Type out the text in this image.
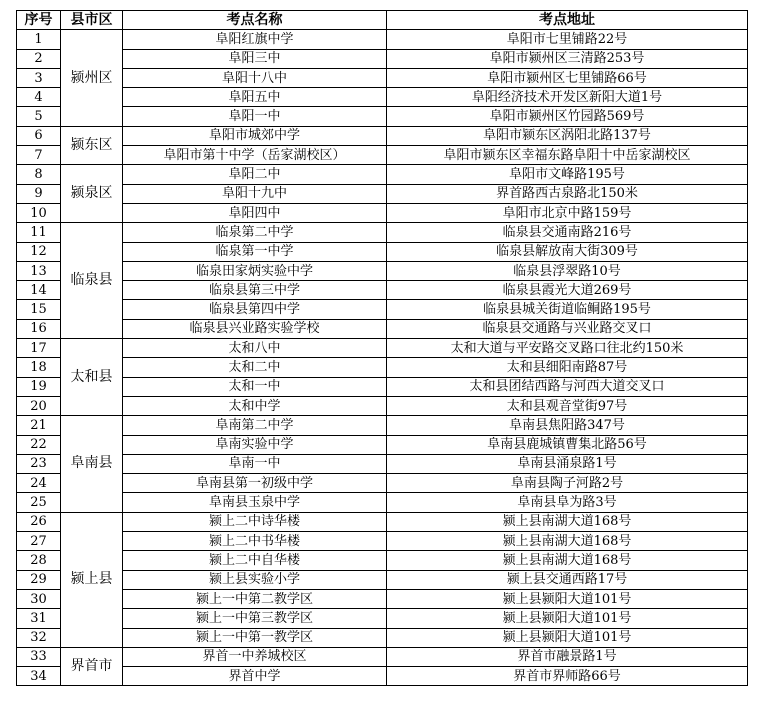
序号	县市区	考点名称	考点地址
1	颍州区	阜阳红旗中学	阜阳市七里铺路22号
2		阜阳三中	阜阳市颍州区三清路253号
3		阜阳十八中	阜阳市颍州区七里铺路66号
4		阜阳五中	阜阳经济技术开发区新阳大道1号
5		阜阳一中	阜阳市颍州区竹园路569号
6	颍东区	阜阳市城郊中学	阜阳市颍东区涡阳北路137号
7		阜阳市第十中学（岳家湖校区）	阜阳市颍东区幸福东路阜阳十中岳家湖校区
8	颍泉区	阜阳二中	阜阳市文峰路195号
9		阜阳十九中	界首路西古泉路北150米
10		阜阳四中	阜阳市北京中路159号
11	临泉县	临泉第二中学	临泉县交通南路216号
12		临泉第一中学	临泉县解放南大街309号
13		临泉田家炳实验中学	临泉县浮翠路10号
14		临泉县第三中学	临泉县霞光大道269号
15		临泉县第四中学	临泉县城关街道临鲖路195号
16		临泉县兴业路实验学校	临泉县交通路与兴业路交叉口
17	太和县	太和八中	太和大道与平安路交叉路口往北约150米
18		太和二中	太和县细阳南路87号
19		太和一中	太和县团结西路与河西大道交叉口
20		太和中学	太和县观音堂街97号
21	阜南县	阜南第二中学	阜南县焦阳路347号
22		阜南实验中学	阜南县鹿城镇曹集北路56号
23		阜南一中	阜南县涌泉路1号
24		阜南县第一初级中学	阜南县陶子河路2号
25		阜南县玉泉中学	阜南县阜为路3号
26	颍上县	颍上二中诗华楼	颍上县南湖大道168号
27		颍上二中书华楼	颍上县南湖大道168号
28		颍上二中自华楼	颍上县南湖大道168号
29		颍上县实验小学	颍上县交通西路17号
30		颍上一中第二教学区	颍上县颍阳大道101号
31		颍上一中第三教学区	颍上县颍阳大道101号
32		颍上一中第一教学区	颍上县颍阳大道101号
33	界首市	界首一中养城校区	界首市融景路1号
34		界首中学	界首市界师路66号
